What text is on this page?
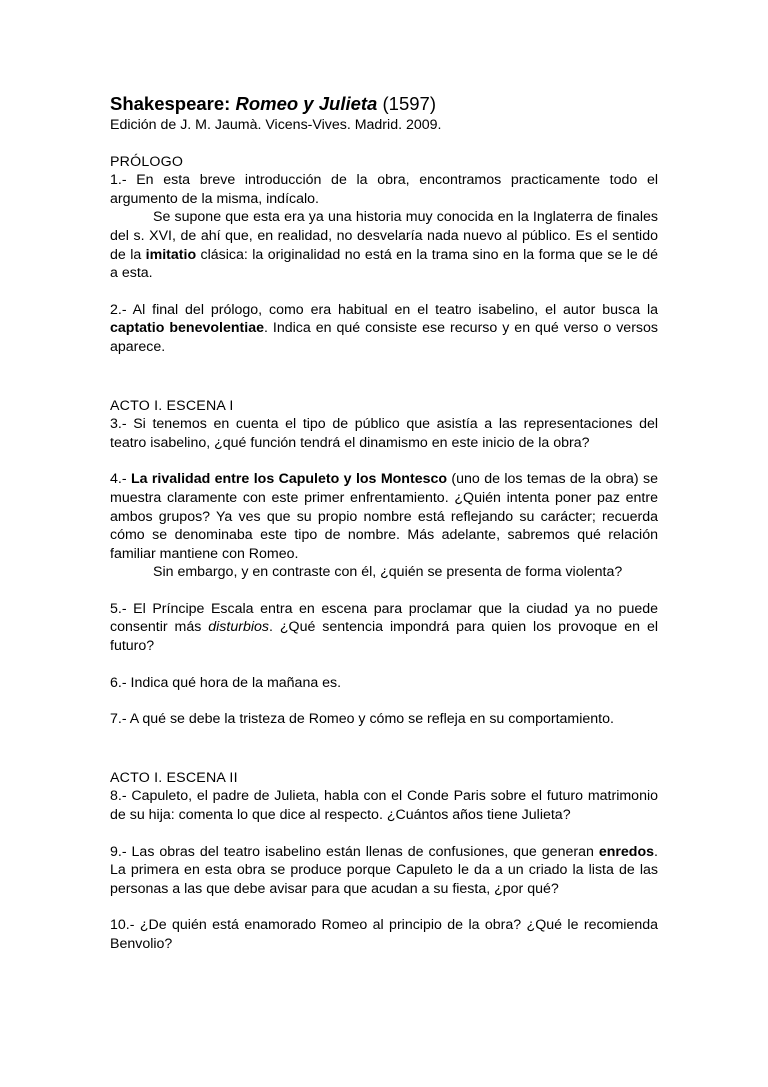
Shakespeare: Romeo y Julieta (1597)

Edición de J. M. Jaumà. Vicens-Vives. Madrid. 2009.

PRÓLOGO

1.- En esta breve introducción de la obra, encontramos practicamente todo el argumento de la misma, indícalo.

Se supone que esta era ya una historia muy conocida en la Inglaterra de finales del s. XVI, de ahí que, en realidad, no desvelaría nada nuevo al público. Es el sentido de la imitatio clásica: la originalidad no está en la trama sino en la forma que se le dé a esta.

2.- Al final del prólogo, como era habitual en el teatro isabelino, el autor busca la captatio benevolentiae. Indica en qué consiste ese recurso y en qué verso o versos aparece.

ACTO I. ESCENA I

3.- Si tenemos en cuenta el tipo de público que asistía a las representaciones del teatro isabelino, ¿qué función tendrá el dinamismo en este inicio de la obra?

4.- La rivalidad entre los Capuleto y los Montesco (uno de los temas de la obra) se muestra claramente con este primer enfrentamiento. ¿Quién intenta poner paz entre ambos grupos? Ya ves que su propio nombre está reflejando su carácter; recuerda cómo se denominaba este tipo de nombre. Más adelante, sabremos qué relación familiar mantiene con Romeo.

Sin embargo, y en contraste con él, ¿quién se presenta de forma violenta?

5.- El Príncipe Escala entra en escena para proclamar que la ciudad ya no puede consentir más disturbios. ¿Qué sentencia impondrá para quien los provoque en el futuro?

6.- Indica qué hora de la mañana es.

7.- A qué se debe la tristeza de Romeo y cómo se refleja en su comportamiento.

ACTO I. ESCENA II

8.- Capuleto, el padre de Julieta, habla con el Conde Paris sobre el futuro matrimonio de su hija: comenta lo que dice al respecto. ¿Cuántos años tiene Julieta?

9.- Las obras del teatro isabelino están llenas de confusiones, que generan enredos. La primera en esta obra se produce porque Capuleto le da a un criado la lista de las personas a las que debe avisar para que acudan a su fiesta, ¿por qué?

10.- ¿De quién está enamorado Romeo al principio de la obra? ¿Qué le recomienda Benvolio?
